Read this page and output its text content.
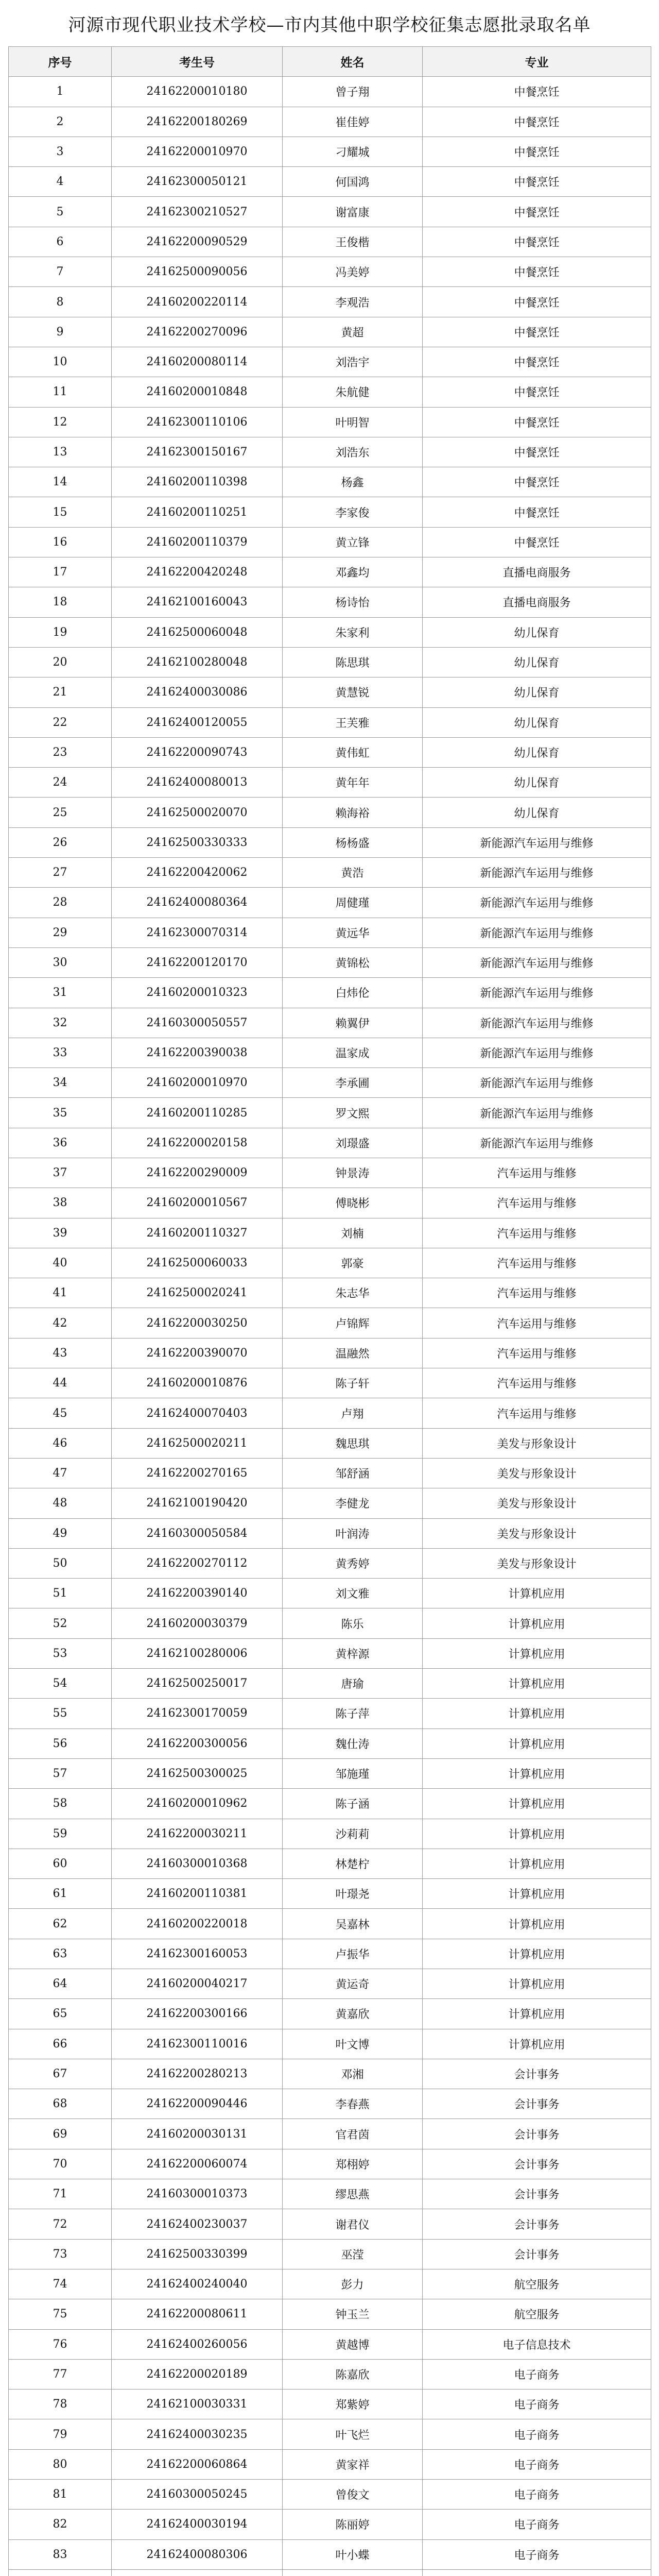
河源市现代职业技术学校—市内其他中职学校征集志愿批录取名单
序号	考生号	姓名	专业
1	24162200010180	曾子翔	中餐烹饪
2	24162200180269	崔佳婷	中餐烹饪
3	24162200010970	刁耀城	中餐烹饪
4	24162300050121	何国鸿	中餐烹饪
5	24162300210527	谢富康	中餐烹饪
6	24162200090529	王俊楷	中餐烹饪
7	24162500090056	冯美婷	中餐烹饪
8	24160200220114	李观浩	中餐烹饪
9	24162200270096	黄超	中餐烹饪
10	24160200080114	刘浩宇	中餐烹饪
11	24160200010848	朱航健	中餐烹饪
12	24162300110106	叶明智	中餐烹饪
13	24162300150167	刘浩东	中餐烹饪
14	24160200110398	杨鑫	中餐烹饪
15	24160200110251	李家俊	中餐烹饪
16	24160200110379	黄立锋	中餐烹饪
17	24162200420248	邓鑫均	直播电商服务
18	24162100160043	杨诗怡	直播电商服务
19	24162500060048	朱家利	幼儿保育
20	24162100280048	陈思琪	幼儿保育
21	24162400030086	黄慧锐	幼儿保育
22	24162400120055	王芙雅	幼儿保育
23	24162200090743	黄伟虹	幼儿保育
24	24162400080013	黄年年	幼儿保育
25	24162500020070	赖海裕	幼儿保育
26	24162500330333	杨杨盛	新能源汽车运用与维修
27	24162200420062	黄浩	新能源汽车运用与维修
28	24162400080364	周健瑾	新能源汽车运用与维修
29	24162300070314	黄远华	新能源汽车运用与维修
30	24162200120170	黄锦松	新能源汽车运用与维修
31	24160200010323	白炜伦	新能源汽车运用与维修
32	24160300050557	赖翼伊	新能源汽车运用与维修
33	24162200390038	温家成	新能源汽车运用与维修
34	24160200010970	李承圃	新能源汽车运用与维修
35	24160200110285	罗文熙	新能源汽车运用与维修
36	24162200020158	刘璟盛	新能源汽车运用与维修
37	24162200290009	钟景涛	汽车运用与维修
38	24160200010567	傅晓彬	汽车运用与维修
39	24160200110327	刘楠	汽车运用与维修
40	24162500060033	郭豪	汽车运用与维修
41	24162500020241	朱志华	汽车运用与维修
42	24162200030250	卢锦辉	汽车运用与维修
43	24162200390070	温融然	汽车运用与维修
44	24160200010876	陈子轩	汽车运用与维修
45	24162400070403	卢翔	汽车运用与维修
46	24162500020211	魏思琪	美发与形象设计
47	24162200270165	邹舒涵	美发与形象设计
48	24162100190420	李健龙	美发与形象设计
49	24160300050584	叶润涛	美发与形象设计
50	24162200270112	黄秀婷	美发与形象设计
51	24162200390140	刘文雅	计算机应用
52	24160200030379	陈乐	计算机应用
53	24162100280006	黄梓源	计算机应用
54	24162500250017	唐瑜	计算机应用
55	24162300170059	陈子萍	计算机应用
56	24162200300056	魏仕涛	计算机应用
57	24162500300025	邹施瑾	计算机应用
58	24160200010962	陈子涵	计算机应用
59	24162200030211	沙莉莉	计算机应用
60	24160300010368	林楚柠	计算机应用
61	24160200110381	叶璟尧	计算机应用
62	24160200220018	吴嘉林	计算机应用
63	24162300160053	卢振华	计算机应用
64	24160200040217	黄运奇	计算机应用
65	24162200300166	黄嘉欣	计算机应用
66	24162300110016	叶文博	计算机应用
67	24162200280213	邓湘	会计事务
68	24162200090446	李春燕	会计事务
69	24160200030131	官君茵	会计事务
70	24162200060074	郑栩婷	会计事务
71	24160300010373	缪思燕	会计事务
72	24162400230037	谢君仪	会计事务
73	24162500330399	巫滢	会计事务
74	24162400240040	彭力	航空服务
75	24162200080611	钟玉兰	航空服务
76	24162400260056	黄越博	电子信息技术
77	24162200020189	陈嘉欣	电子商务
78	24162100030331	郑紫婷	电子商务
79	24162400030235	叶飞烂	电子商务
80	24162200060864	黄家祥	电子商务
81	24160300050245	曾俊文	电子商务
82	24162400030194	陈丽婷	电子商务
83	24162400080306	叶小蝶	电子商务
